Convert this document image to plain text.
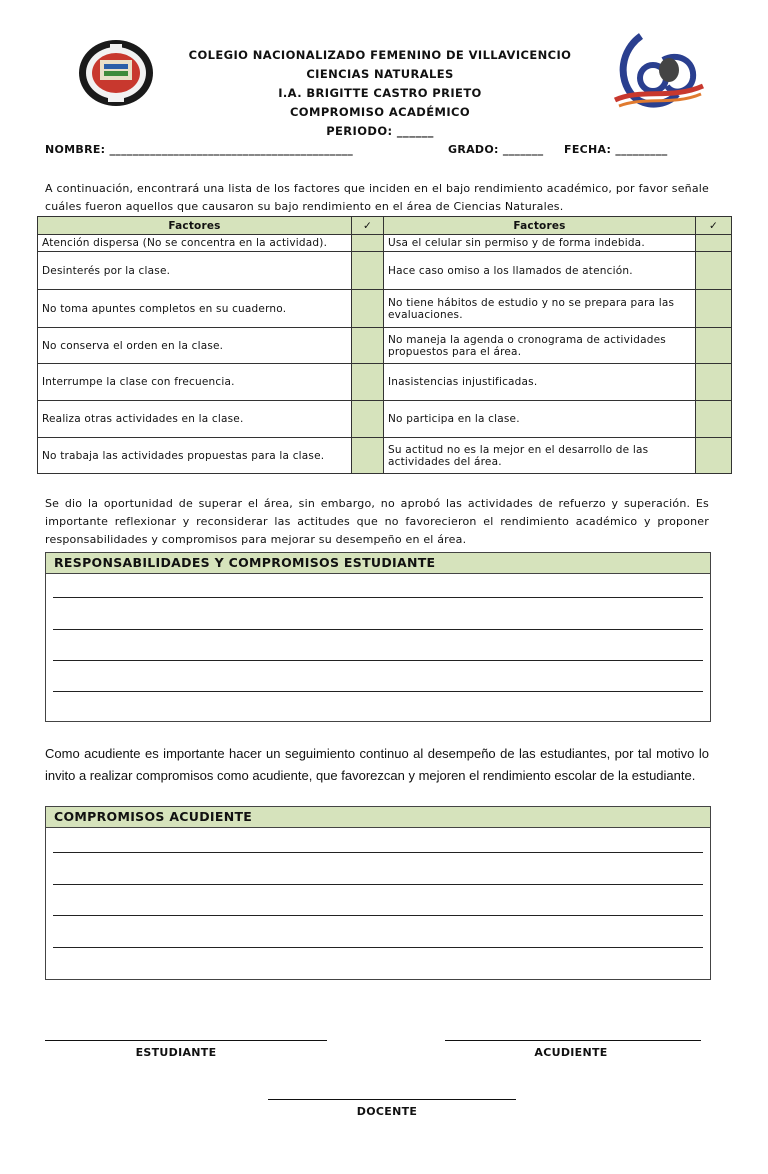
COLEGIO NACIONALIZADO FEMENINO DE VILLAVICENCIO
CIENCIAS NATURALES
I.A. BRIGITTE CASTRO PRIETO
COMPROMISO ACADÉMICO
PERIODO: ______
NOMBRE: __________________________________________	GRADO: _______ FECHA: _________
A continuación, encontrará una lista de los factores que inciden en el bajo rendimiento académico, por favor señale cuáles fueron aquellos que causaron su bajo rendimiento en el área de Ciencias Naturales.
Factores	✓	Factores	✓
Atención dispersa (No se concentra en la actividad).		Usa el celular sin permiso y de forma indebida.	
Desinterés por la clase.		Hace caso omiso a los llamados de atención.	
No toma apuntes completos en su cuaderno.		No tiene hábitos de estudio y no se prepara para las evaluaciones.	
No conserva el orden en la clase.		No maneja la agenda o cronograma de actividades propuestos para el área.	
Interrumpe la clase con frecuencia.		Inasistencias injustificadas.	
Realiza otras actividades en la clase.		No participa en la clase.	
No trabaja las actividades propuestas para la clase.		Su actitud no es la mejor en el desarrollo de las actividades del área.	
Se dio la oportunidad de superar el área, sin embargo, no aprobó las actividades de refuerzo y superación. Es importante reflexionar y reconsiderar las actitudes que no favorecieron el rendimiento académico y proponer responsabilidades y compromisos para mejorar su desempeño en el área.
RESPONSABILIDADES Y COMPROMISOS ESTUDIANTE
Como acudiente es importante hacer un seguimiento continuo al desempeño de las estudiantes, por tal motivo lo invito a realizar compromisos como acudiente, que favorezcan y mejoren el rendimiento escolar de la estudiante.
COMPROMISOS ACUDIENTE
ESTUDIANTE	ACUDIENTE
DOCENTE
